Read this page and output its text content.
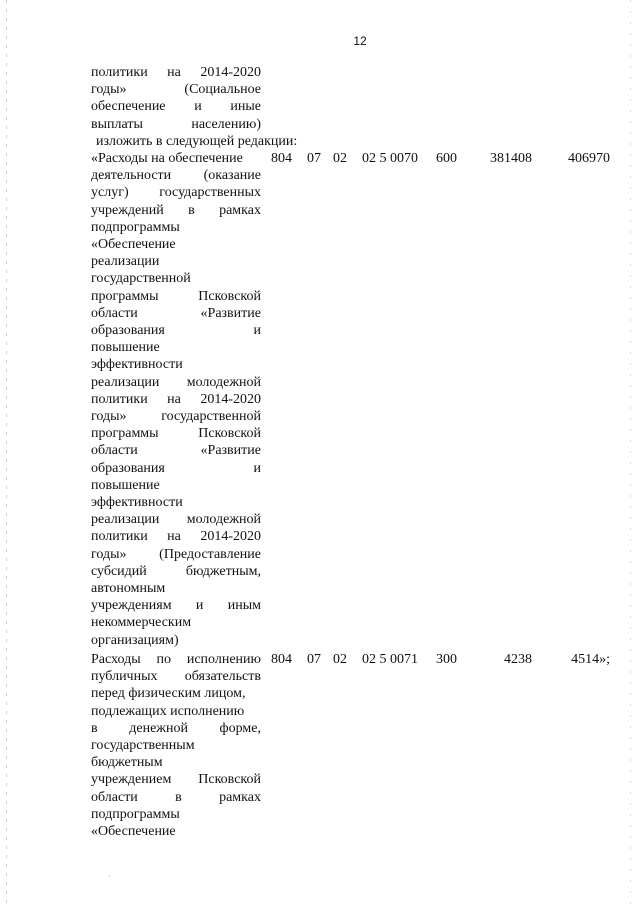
12
политики на 2014-2020
годы»	(Социальное
обеспечение и иные
выплаты	населению)
изложить в следующей редакции:
«Расходы на обеспечение
деятельности (оказание
услуг) государственных
учреждений в рамках
подпрограммы
«Обеспечение
реализации
государственной
программы	Псковской
области	«Развитие
образования	и
повышение
эффективности
реализации молодежной
политики на 2014-2020
годы» государственной
программы	Псковской
области	«Развитие
образования	и
повышение
эффективности
реализации молодежной
политики на 2014-2020
годы» (Предоставление
субсидий	бюджетным,
автономным
учреждениям и иным
некоммерческим
организациям)
804 07 02 02 5 0070 600	381408	406970
Расходы по исполнению
публичных обязательств
перед физическим лицом,
подлежащих исполнению
в денежной форме,
государственным
бюджетным
учреждением Псковской
области	в	рамках
подпрограммы
«Обеспечение
804 07 02 02 5 0071 300	4238	4514»;
·
